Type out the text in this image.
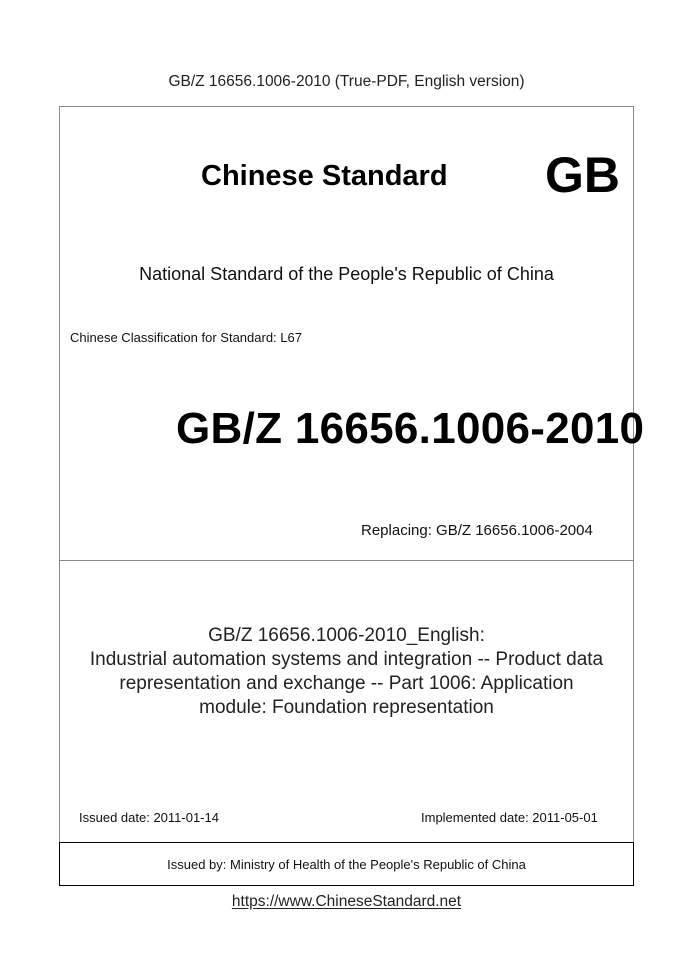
GB/Z 16656.1006-2010 (True-PDF, English version)
Chinese Standard GB
National Standard of the People's Republic of China
Chinese Classification for Standard: L67
GB/Z 16656.1006-2010
Replacing: GB/Z 16656.1006-2004
GB/Z 16656.1006-2010_English:
Industrial automation systems and integration -- Product data
representation and exchange -- Part 1006: Application
module: Foundation representation
Issued date: 2011-01-14	Implemented date: 2011-05-01
Issued by: Ministry of Health of the People's Republic of China
https://www.ChineseStandard.net
